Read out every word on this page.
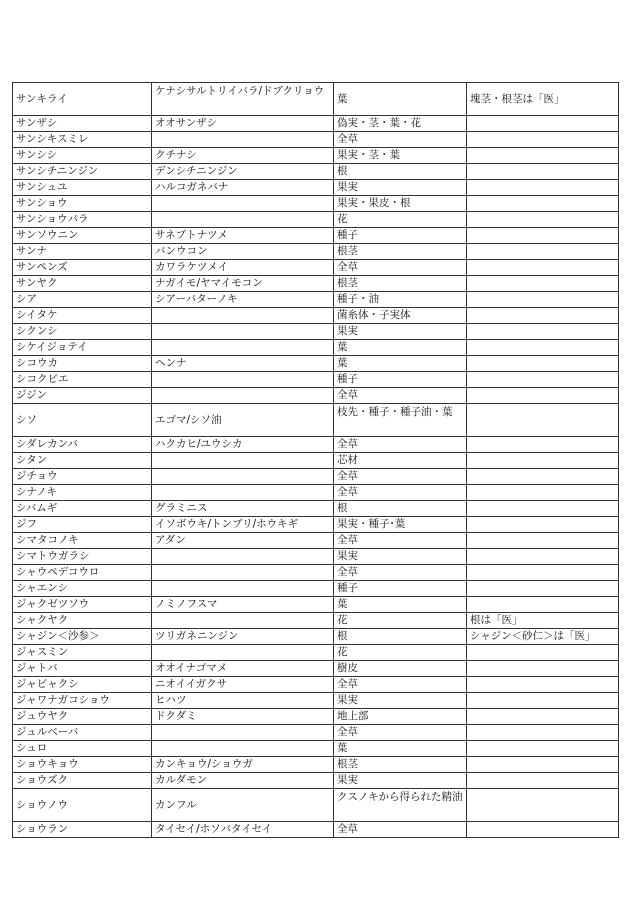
サンキライ	ケナシサルトリイバラ/ドブクリョウ	葉	塊茎・根茎は「医」
サンザシ	オオサンザシ	偽実・茎・葉・花	
サンシキスミレ		全草	
サンシシ	クチナシ	果実・茎・葉	
サンシチニンジン	デンシチニンジン	根	
サンシュユ	ハルコガネバナ	果実	
サンショウ		果実・果皮・根	
サンショウバラ		花	
サンソウニン	サネブトナツメ	種子	
サンナ	バンウコン	根茎	
サンペンズ	カワラケツメイ	全草	
サンヤク	ナガイモ/ヤマイモコン	根茎	
シア	シアーバターノキ	種子・油	
シイタケ		菌糸体・子実体	
シクンシ		果実	
シケイジョテイ		葉	
シコウカ	ヘンナ	葉	
シコクビエ		種子	
ジジン		全草	
シソ	エゴマ/シソ油	枝先・種子・種子油・葉	
シダレカンバ	ハクカヒ/ユウシカ	全草	
シタン		芯材	
ジチョウ		全草	
シナノキ		全草	
シバムギ	グラミニス	根	
ジフ	イソボウキ/トンブリ/ホウキギ	果実・種子･葉	
シマタコノキ	アダン	全草	
シマトウガラシ		果実	
シャウペデコウロ		全草	
シャエンシ		種子	
ジャクゼツソウ	ノミノフスマ	葉	
シャクヤク		花	根は「医」
シャジン＜沙参＞	ツリガネニンジン	根	シャジン＜砂仁＞は「医」
ジャスミン		花	
ジャトバ	オオイナゴマメ	樹皮	
ジャビャクシ	ニオイイガクサ	全草	
ジャワナガコショウ	ヒハツ	果実	
ジュウヤク	ドクダミ	地上部	
ジュルベーバ		全草	
シュロ		葉	
ショウキョウ	カンキョウ/ショウガ	根茎	
ショウズク	カルダモン	果実	
ショウノウ	カンフル	クスノキから得られた精油	
ショウラン	タイセイ/ホソバタイセイ	全草	
